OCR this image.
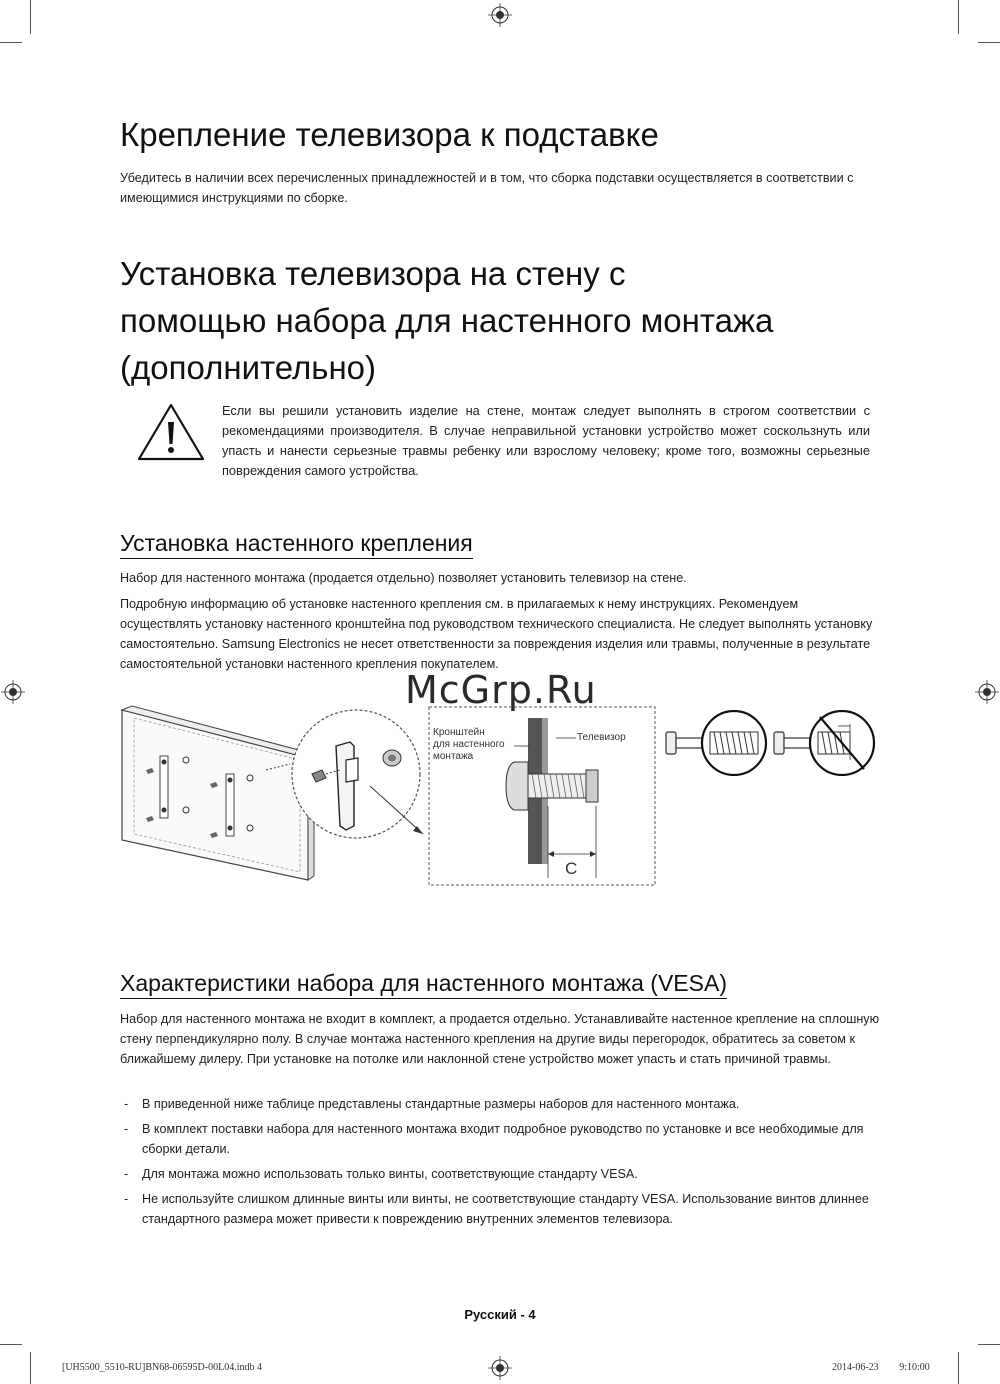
Крепление телевизора к подставке

Убедитесь в наличии всех перечисленных принадлежностей и в том, что сборка подставки осуществляется в соответствии с имеющимися инструкциями по сборке.

Установка телевизора на стену с
помощью набора для настенного монтажа
(дополнительно)

Если вы решили установить изделие на стене, монтаж следует выполнять в строгом соответствии с рекомендациями производителя. В случае неправильной установки устройство может соскользнуть или упасть и нанести серьезные травмы ребенку или взрослому человеку; кроме того, возможны серьезные повреждения самого устройства.

Установка настенного крепления

Набор для настенного монтажа (продается отдельно) позволяет установить телевизор на стене.

Подробную информацию об установке настенного крепления см. в прилагаемых к нему инструкциях. Рекомендуем осуществлять установку настенного кронштейна под руководством технического специалиста. Не следует выполнять установку самостоятельно. Samsung Electronics не несет ответственности за повреждения изделия или травмы, полученные в результате самостоятельной установки настенного крепления покупателем.

McGrp.Ru
Кронштейн
для настенного
монтажа
Телевизор
C
Характеристики набора для настенного монтажа (VESA)

Набор для настенного монтажа не входит в комплект, а продается отдельно. Устанавливайте настенное крепление на сплошную стену перпендикулярно полу. В случае монтажа настенного крепления на другие виды перегородок, обратитесь за советом к ближайшему дилеру. При установке на потолке или наклонной стене устройство может упасть и стать причиной травмы.

- В приведенной ниже таблице представлены стандартные размеры наборов для настенного монтажа.
- В комплект поставки набора для настенного монтажа входит подробное руководство по установке и все необходимые для сборки детали.
- Для монтажа можно использовать только винты, соответствующие стандарту VESA.
- Не используйте слишком длинные винты или винты, не соответствующие стандарту VESA. Использование винтов длиннее стандартного размера может привести к повреждению внутренних элементов телевизора.
Русский - 4
[UH5500_5510-RU]BN68-06595D-00L04.indb 4	2014-06-23 ￿￿ 9:10:00
